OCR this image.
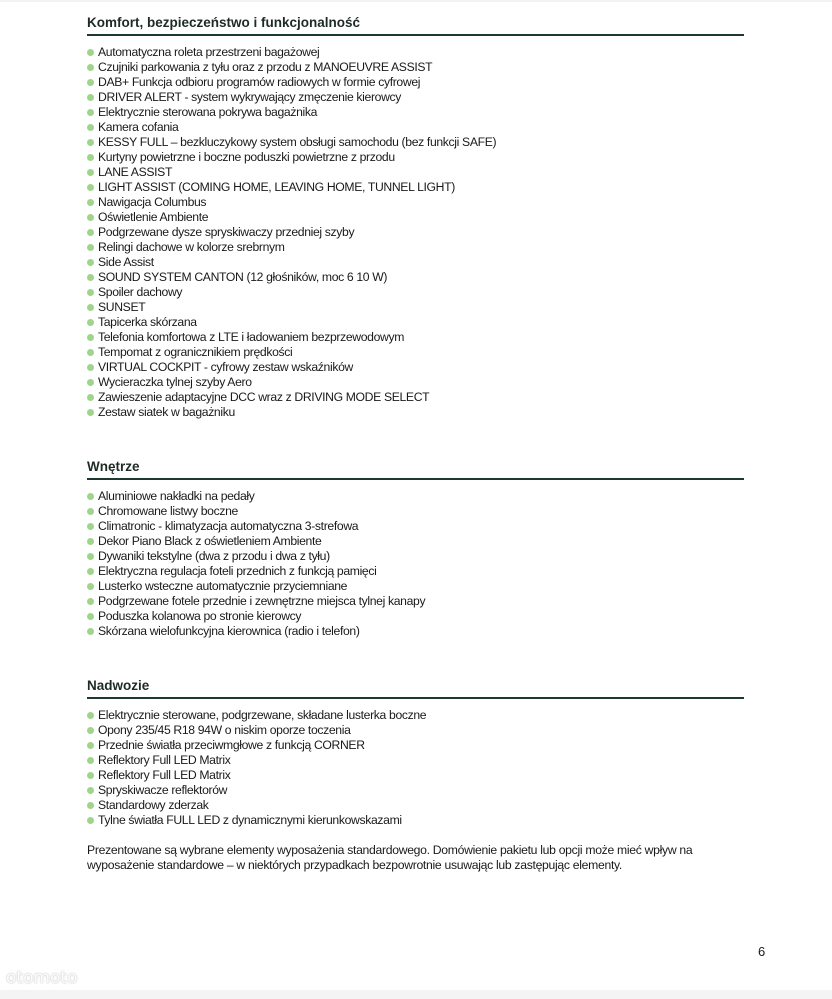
Komfort, bezpieczeństwo i funkcjonalność
Automatyczna roleta przestrzeni bagażowej
Czujniki parkowania z tyłu oraz z przodu z MANOEUVRE ASSIST
DAB+ Funkcja odbioru programów radiowych w formie cyfrowej
DRIVER ALERT - system wykrywający zmęczenie kierowcy
Elektrycznie sterowana pokrywa bagażnika
Kamera cofania
KESSY FULL – bezkluczykowy system obsługi samochodu (bez funkcji SAFE)
Kurtyny powietrzne i boczne poduszki powietrzne z przodu
LANE ASSIST
LIGHT ASSIST (COMING HOME, LEAVING HOME, TUNNEL LIGHT)
Nawigacja Columbus
Oświetlenie Ambiente
Podgrzewane dysze spryskiwaczy przedniej szyby
Relingi dachowe w kolorze srebrnym
Side Assist
SOUND SYSTEM CANTON (12 głośników, moc 6 10 W)
Spoiler dachowy
SUNSET
Tapicerka skórzana
Telefonia komfortowa z LTE i ładowaniem bezprzewodowym
Tempomat z ogranicznikiem prędkości
VIRTUAL COCKPIT - cyfrowy zestaw wskaźników
Wycieraczka tylnej szyby Aero
Zawieszenie adaptacyjne DCC wraz z DRIVING MODE SELECT
Zestaw siatek w bagażniku
Wnętrze
Aluminiowe nakładki na pedały
Chromowane listwy boczne
Climatronic - klimatyzacja automatyczna 3-strefowa
Dekor Piano Black z oświetleniem Ambiente
Dywaniki tekstylne (dwa z przodu i dwa z tyłu)
Elektryczna regulacja foteli przednich z funkcją pamięci
Lusterko wsteczne automatycznie przyciemniane
Podgrzewane fotele przednie i zewnętrzne miejsca tylnej kanapy
Poduszka kolanowa po stronie kierowcy
Skórzana wielofunkcyjna kierownica (radio i telefon)
Nadwozie
Elektrycznie sterowane, podgrzewane, składane lusterka boczne
Opony 235/45 R18 94W o niskim oporze toczenia
Przednie światła przeciwmgłowe z funkcją CORNER
Reflektory Full LED Matrix
Reflektory Full LED Matrix
Spryskiwacze reflektorów
Standardowy zderzak
Tylne światła FULL LED z dynamicznymi kierunkowskazami

Prezentowane są wybrane elementy wyposażenia standardowego. Domówienie pakietu lub opcji może mieć wpływ na wyposażenie standardowe – w niektórych przypadkach bezpowrotnie usuwając lub zastępując elementy.

6
otomoto
